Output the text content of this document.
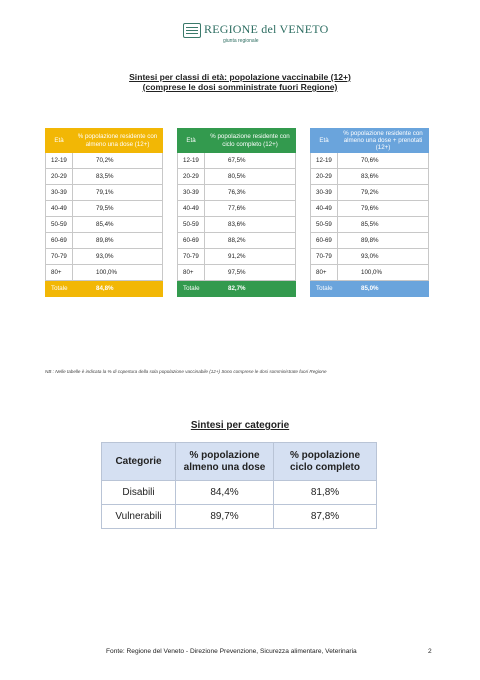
REGIONE del VENETO
giunta regionale
Sintesi per classi di età: popolazione vaccinabile (12+)
(comprese le dosi somministrate fuori Regione)
Età	% popolazione residente con almeno una dose (12+)
12-19	70,2%
20-29	83,5%
30-39	79,1%
40-49	79,5%
50-59	85,4%
60-69	89,8%
70-79	93,0%
80+	100,0%
Totale	84,8%
Età	% popolazione residente con ciclo completo (12+)
12-19	67,5%
20-29	80,5%
30-39	76,3%
40-49	77,6%
50-59	83,6%
60-69	88,2%
70-79	91,2%
80+	97,5%
Totale	82,7%
Età	% popolazione residente con almeno una dose + prenotati (12+)
12-19	70,6%
20-29	83,6%
30-39	79,2%
40-49	79,6%
50-59	85,5%
60-69	89,8%
70-79	93,0%
80+	100,0%
Totale	85,0%
NB : Nelle tabelle è indicata la % di copertura della sola popolazione vaccinabile (12+) Sono comprese le dosi somministrate fuori Regione
Sintesi per categorie
Categorie	% popolazione almeno una dose	% popolazione ciclo completo
Disabili	84,4%	81,8%
Vulnerabili	89,7%	87,8%
Fonte: Regione del Veneto - Direzione Prevenzione, Sicurezza alimentare, Veterinaria	2
